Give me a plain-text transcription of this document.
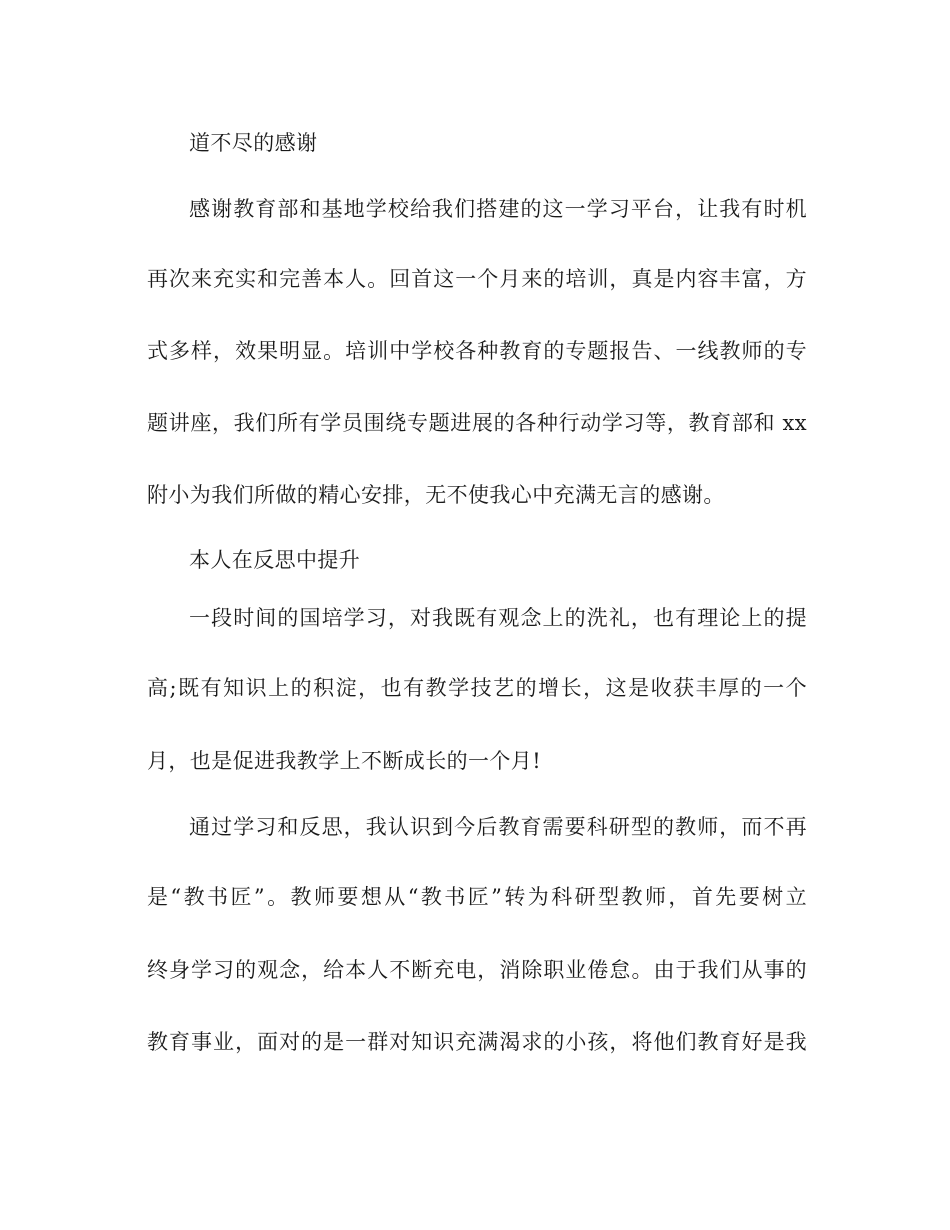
道不尽的感谢
感谢教育部和基地学校给我们搭建的这一学习平台，让我有时机
再次来充实和完善本人。回首这一个月来的培训，真是内容丰富，方
式多样，效果明显。培训中学校各种教育的专题报告、一线教师的专
题讲座，我们所有学员围绕专题进展的各种行动学习等，教育部和 xx
附小为我们所做的精心安排，无不使我心中充满无言的感谢。
本人在反思中提升
一段时间的国培学习，对我既有观念上的洗礼，也有理论上的提
高;既有知识上的积淀，也有教学技艺的增长，这是收获丰厚的一个
月，也是促进我教学上不断成长的一个月!
通过学习和反思，我认识到今后教育需要科研型的教师，而不再
是“教书匠”。教师要想从“教书匠”转为科研型教师，首先要树立
终身学习的观念，给本人不断充电，消除职业倦怠。由于我们从事的
教育事业，面对的是一群对知识充满渴求的小孩，将他们教育好是我
